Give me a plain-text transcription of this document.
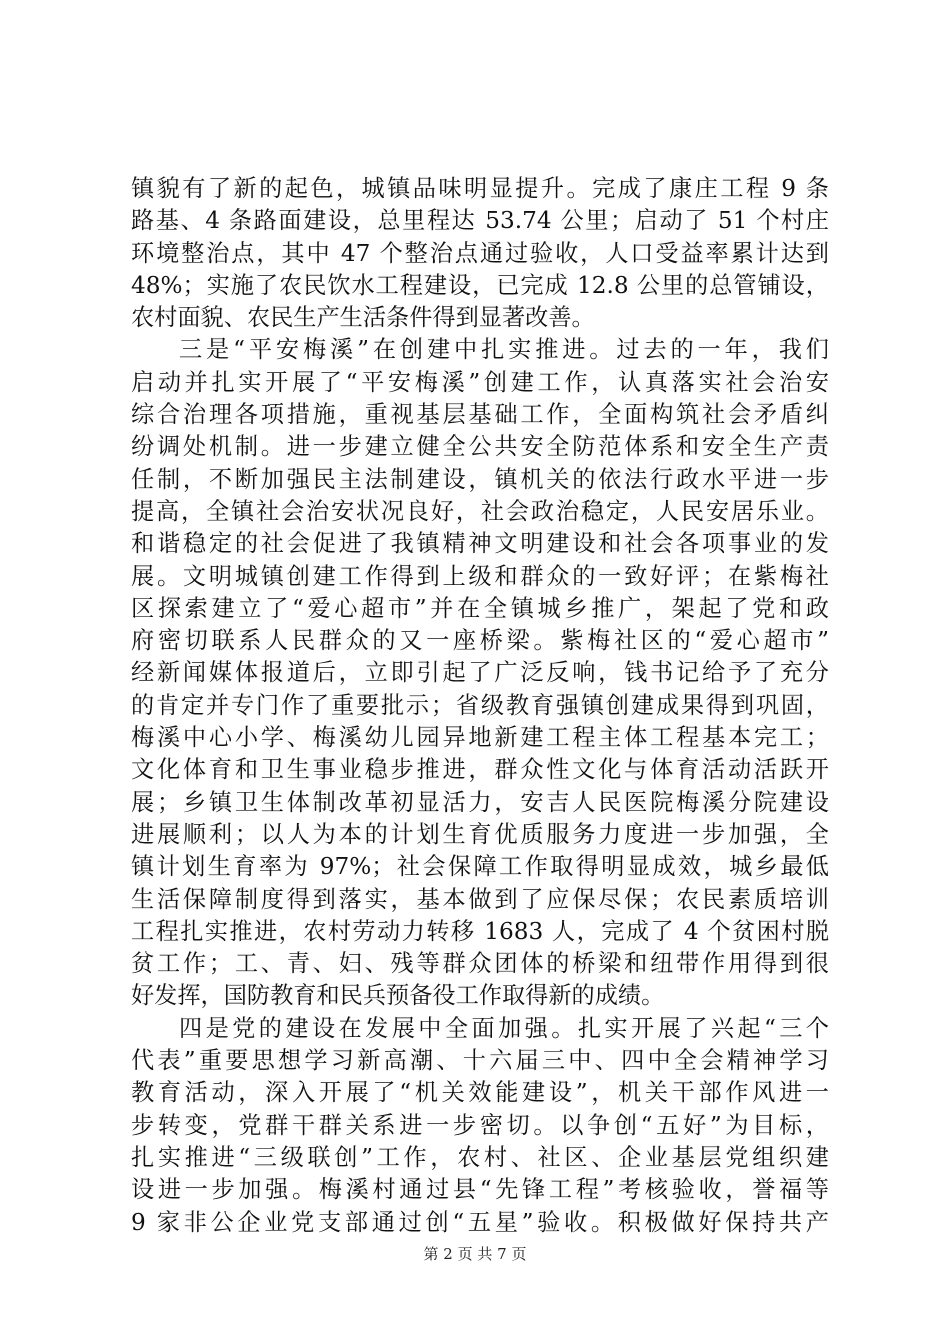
镇貌有了新的起色，城镇品味明显提升。完成了康庄工程 9 条
路基、4 条路面建设，总里程达 53.74 公里；启动了 51 个村庄
环境整治点，其中 47 个整治点通过验收，人口受益率累计达到
48%；实施了农民饮水工程建设，已完成 12.8 公里的总管铺设，
农村面貌、农民生产生活条件得到显著改善。
三是“平安梅溪”在创建中扎实推进。过去的一年，我们
启动并扎实开展了“平安梅溪”创建工作，认真落实社会治安
综合治理各项措施，重视基层基础工作，全面构筑社会矛盾纠
纷调处机制。进一步建立健全公共安全防范体系和安全生产责
任制，不断加强民主法制建设，镇机关的依法行政水平进一步
提高，全镇社会治安状况良好，社会政治稳定，人民安居乐业。
和谐稳定的社会促进了我镇精神文明建设和社会各项事业的发
展。文明城镇创建工作得到上级和群众的一致好评；在紫梅社
区探索建立了“爱心超市”并在全镇城乡推广，架起了党和政
府密切联系人民群众的又一座桥梁。紫梅社区的“爱心超市”
经新闻媒体报道后，立即引起了广泛反响，钱书记给予了充分
的肯定并专门作了重要批示；省级教育强镇创建成果得到巩固，
梅溪中心小学、梅溪幼儿园异地新建工程主体工程基本完工；
文化体育和卫生事业稳步推进，群众性文化与体育活动活跃开
展；乡镇卫生体制改革初显活力，安吉人民医院梅溪分院建设
进展顺利；以人为本的计划生育优质服务力度进一步加强，全
镇计划生育率为 97%；社会保障工作取得明显成效，城乡最低
生活保障制度得到落实，基本做到了应保尽保；农民素质培训
工程扎实推进，农村劳动力转移 1683 人，完成了 4 个贫困村脱
贫工作；工、青、妇、残等群众团体的桥梁和纽带作用得到很
好发挥，国防教育和民兵预备役工作取得新的成绩。
四是党的建设在发展中全面加强。扎实开展了兴起“三个
代表”重要思想学习新高潮、十六届三中、四中全会精神学习
教育活动，深入开展了“机关效能建设”，机关干部作风进一
步转变，党群干群关系进一步密切。以争创“五好”为目标，
扎实推进“三级联创”工作，农村、社区、企业基层党组织建
设进一步加强。梅溪村通过县“先锋工程”考核验收，誉福等
9 家非公企业党支部通过创“五星”验收。积极做好保持共产
第 2 页 共 7 页
